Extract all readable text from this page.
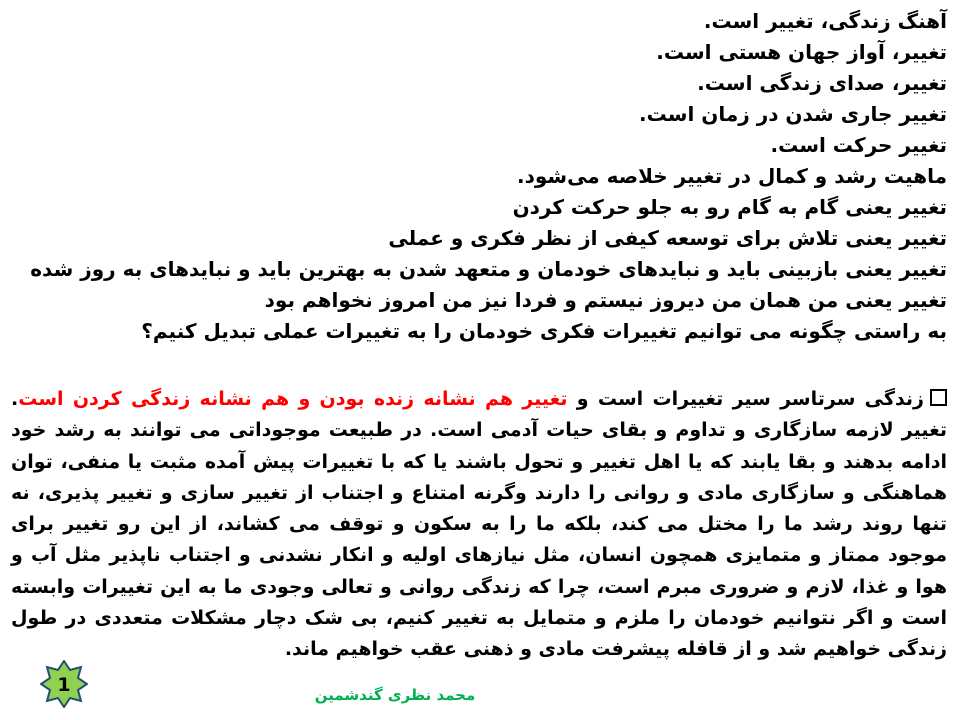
آهنگ زندگی، تغییر است.
تغییر، آواز جهان هستی است.
تغییر، صدای زندگی است.
تغییر جاری شدن در زمان است.
تغییر حرکت است.
ماهیت رشد و کمال در تغییر خلاصه می‌شود.
تغییر یعنی گام به گام رو به جلو حرکت کردن
تغییر یعنی تلاش برای توسعه کیفی از نظر فکری و عملی
تغییر یعنی بازبینی باید و نبایدهای خودمان و متعهد شدن به بهترین باید و نبایدهای به روز شده
تغییر یعنی من همان من دیروز نیستم و فردا نیز من امروز نخواهم بود
به راستی چگونه می توانیم تغییرات فکری خودمان را به تغییرات عملی تبدیل کنیم؟

زندگی سرتاسر سیر تغییرات است و تغییر هم نشانه زنده بودن و هم نشانه زندگی کردن است. تغییر لازمه سازگاری و تداوم و بقای حیات آدمی است. در طبیعت موجوداتی می توانند به رشد خود ادامه بدهند و بقا یابند که یا اهل تغییر و تحول باشند یا که با تغییرات پیش آمده مثبت یا منفی، توان هماهنگی و سازگاری مادی و روانی را دارند وگرنه امتناع و اجتناب از تغییر سازی و تغییر پذیری، نه تنها روند رشد ما را مختل می کند، بلکه ما را به سکون و توقف می کشاند، از این رو تغییر برای موجود ممتاز و متمایزی همچون انسان، مثل نیازهای اولیه و انکار نشدنی و اجتناب ناپذیر مثل آب و هوا و غذا، لازم و ضروری مبرم است، چرا که زندگی روانی و تعالی وجودی ما به این تغییرات وابسته است و اگر نتوانیم خودمان را ملزم و متمایل به تغییر کنیم، بی شک دچار مشکلات متعددی در طول زندگی خواهیم شد و از قافله پیشرفت مادی و ذهنی عقب خواهیم ماند.

1	محمد نظری گندشمین
